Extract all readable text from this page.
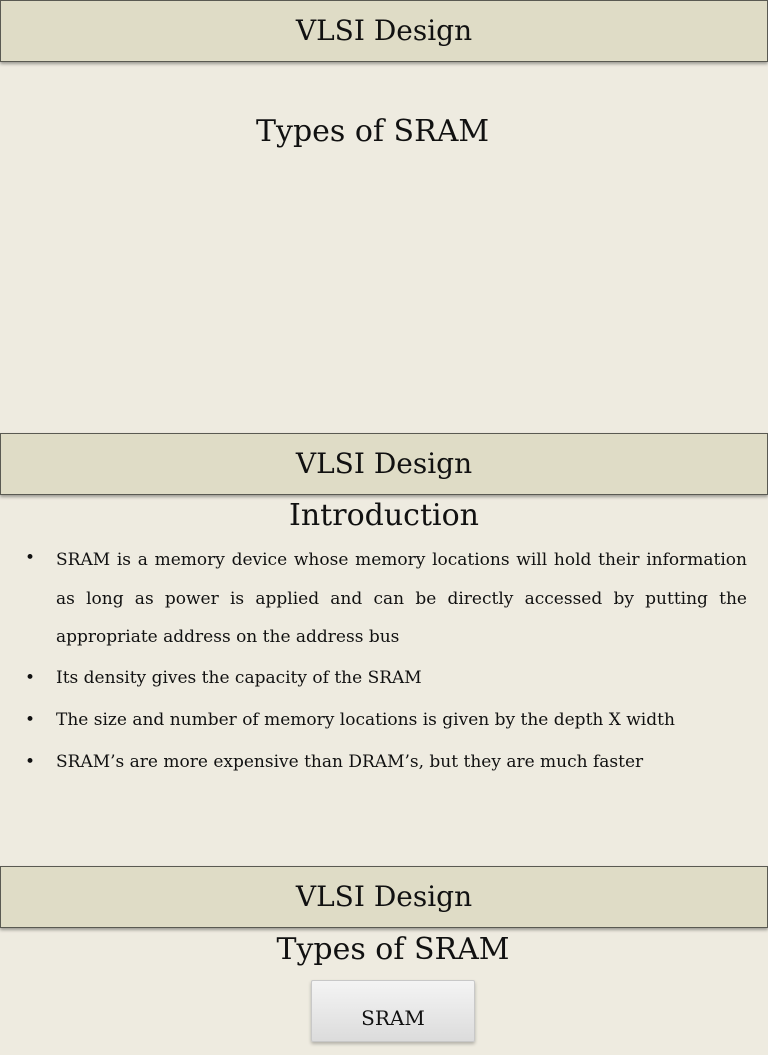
VLSI Design
Types of SRAM
VLSI Design
Introduction
• SRAM is a memory device whose memory locations will hold their information as long as power is applied and can be directly accessed by putting the appropriate address on the address bus
• Its density gives the capacity of the SRAM
• The size and number of memory locations is given by the depth X width
• SRAM’s are more expensive than DRAM’s, but they are much faster
VLSI Design
Types of SRAM
SRAM
